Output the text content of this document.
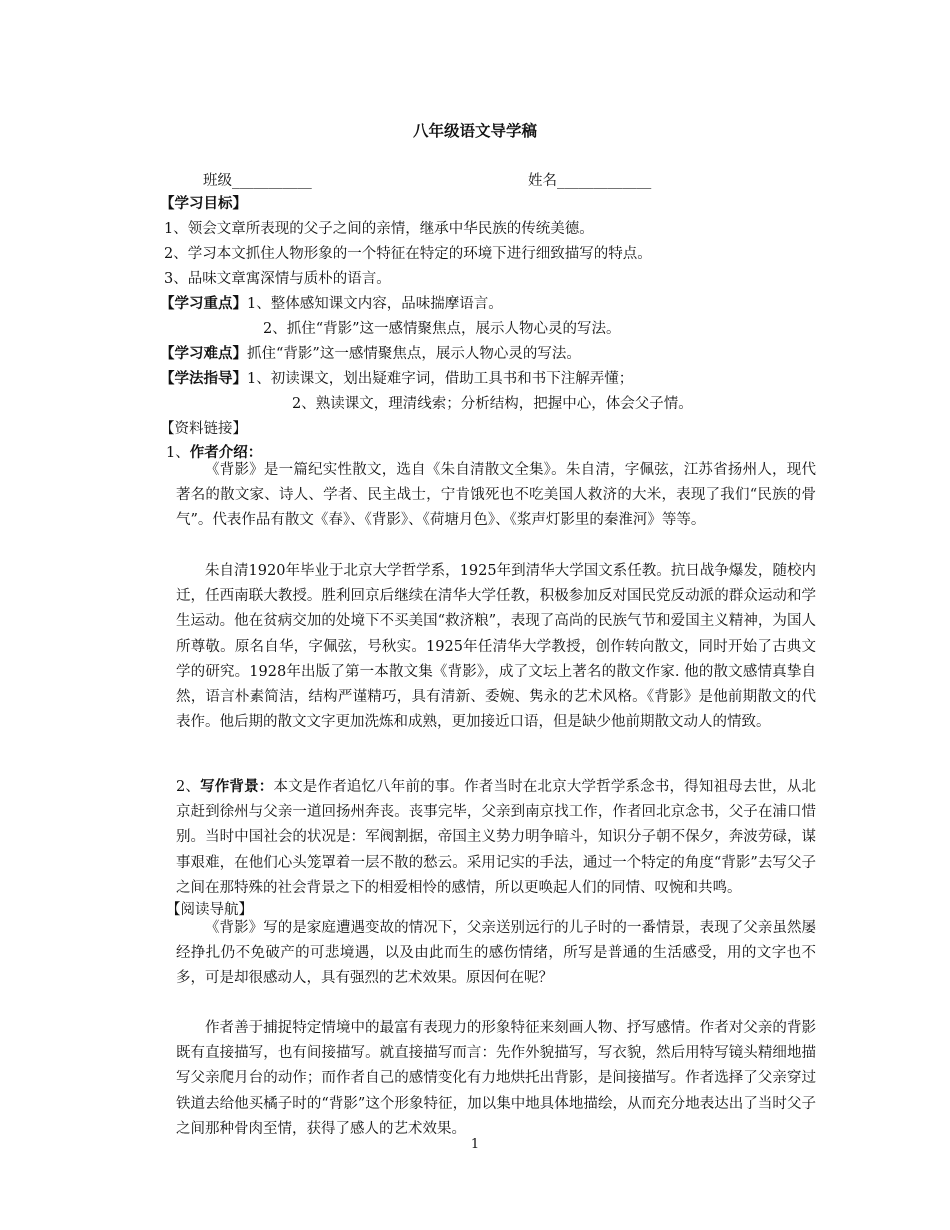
八年级语文导学稿
班级___________	姓名_____________
【学习目标】
1、领会文章所表现的父子之间的亲情，继承中华民族的传统美德。
2、学习本文抓住人物形象的一个特征在特定的环境下进行细致描写的特点。
3、品味文章寓深情与质朴的语言。
【学习重点】1、整体感知课文内容，品味揣摩语言。
2、抓住“背影”这一感情聚焦点，展示人物心灵的写法。
【学习难点】抓住“背影”这一感情聚焦点，展示人物心灵的写法。
【学法指导】1、初读课文，划出疑难字词，借助工具书和书下注解弄懂；
2、熟读课文，理清线索；分析结构，把握中心，体会父子情。
【资料链接】
1、作者介绍：
《背影》是一篇纪实性散文，选自《朱自清散文全集》。朱自清，字佩弦，江苏省扬州人，现代著名的散文家、诗人、学者、民主战士，宁肯饿死也不吃美国人救济的大米，表现了我们“民族的骨气”。代表作品有散文《春》、《背影》、《荷塘月色》、《浆声灯影里的秦淮河》等等。
朱自清1920年毕业于北京大学哲学系，1925年到清华大学国文系任教。抗日战争爆发，随校内迁，任西南联大教授。胜利回京后继续在清华大学任教，积极参加反对国民党反动派的群众运动和学生运动。他在贫病交加的处境下不买美国“救济粮”，表现了高尚的民族气节和爱国主义精神，为国人所尊敬。原名自华，字佩弦，号秋实。1925年任清华大学教授，创作转向散文，同时开始了古典文学的研究。1928年出版了第一本散文集《背影》，成了文坛上著名的散文作家. 他的散文感情真挚自然，语言朴素简洁，结构严谨精巧，具有清新、委婉、隽永的艺术风格。《背影》是他前期散文的代表作。他后期的散文文字更加洗炼和成熟，更加接近口语，但是缺少他前期散文动人的情致。
2、写作背景：本文是作者追忆八年前的事。作者当时在北京大学哲学系念书，得知祖母去世，从北京赶到徐州与父亲一道回扬州奔丧。丧事完毕，父亲到南京找工作，作者回北京念书，父子在浦口惜别。当时中国社会的状况是：军阀割据，帝国主义势力明争暗斗，知识分子朝不保夕，奔波劳碌，谋事艰难，在他们心头笼罩着一层不散的愁云。采用记实的手法，通过一个特定的角度“背影”去写父子之间在那特殊的社会背景之下的相爱相怜的感情，所以更唤起人们的同情、叹惋和共鸣。
【阅读导航】
《背影》写的是家庭遭遇变故的情况下，父亲送别远行的儿子时的一番情景，表现了父亲虽然屡经挣扎仍不免破产的可悲境遇，以及由此而生的感伤情绪，所写是普通的生活感受，用的文字也不多，可是却很感动人，具有强烈的艺术效果。原因何在呢？
作者善于捕捉特定情境中的最富有表现力的形象特征来刻画人物、抒写感情。作者对父亲的背影既有直接描写，也有间接描写。就直接描写而言：先作外貌描写，写衣貌，然后用特写镜头精细地描写父亲爬月台的动作；而作者自己的感情变化有力地烘托出背影，是间接描写。作者选择了父亲穿过铁道去给他买橘子时的“背影”这个形象特征，加以集中地具体地描绘，从而充分地表达出了当时父子之间那种骨肉至情，获得了感人的艺术效果。
1
